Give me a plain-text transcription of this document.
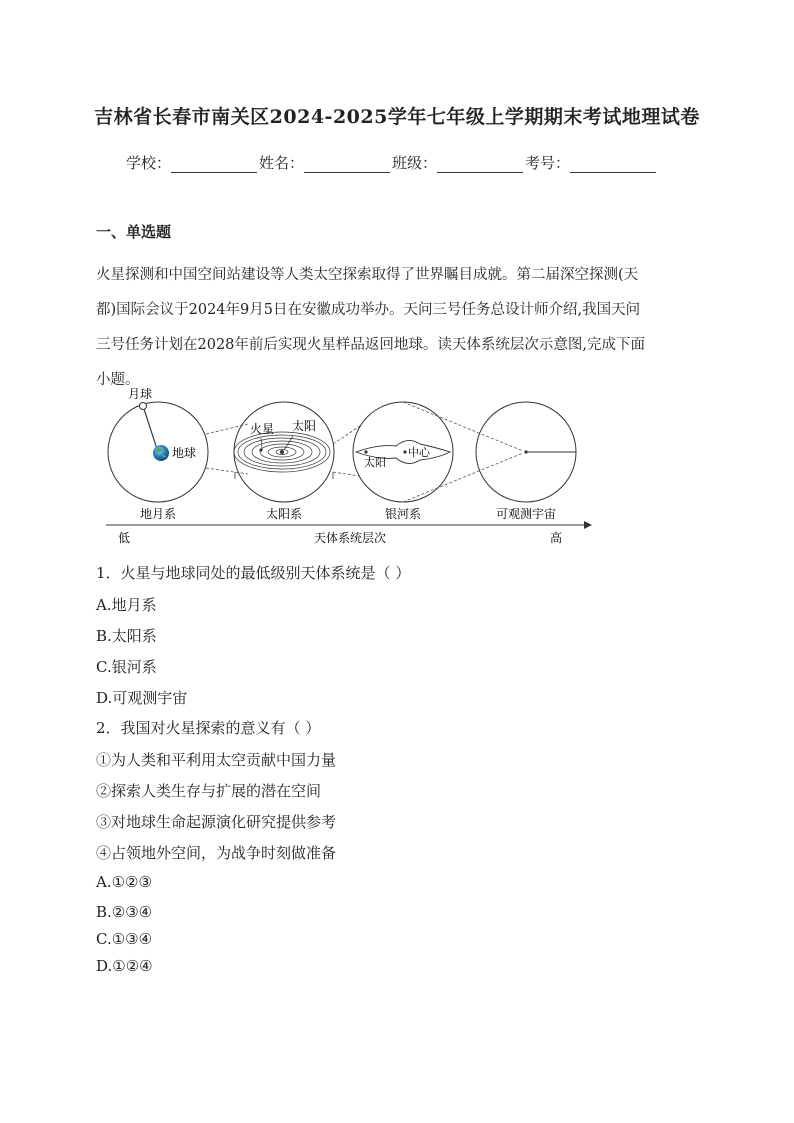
吉林省长春市南关区2024-2025学年七年级上学期期末考试地理试卷
学校：	姓名：	班级：	考号：
一、单选题

火星探测和中国空间站建设等人类太空探索取得了世界瞩目成就。第二届深空探测(天

都)国际会议于2024年9月5日在安徽成功举办。天问三号任务总设计师介绍,我国天问

三号任务计划在2028年前后实现火星样品返回地球。读天体系统层次示意图,完成下面

小题。

月球
地球
火星 太阳
太阳
中心
地月系	太阳系	银河系	可观测宇宙
低	天体系统层次	高
1．火星与地球同处的最低级别天体系统是（ ）
A.地月系
B.太阳系
C.银河系
D.可观测宇宙
2．我国对火星探索的意义有（ ）
①为人类和平利用太空贡献中国力量
②探索人类生存与扩展的潜在空间
③对地球生命起源演化研究提供参考
④占领地外空间，为战争时刻做准备
A.①②③
B.②③④
C.①③④
D.①②④
